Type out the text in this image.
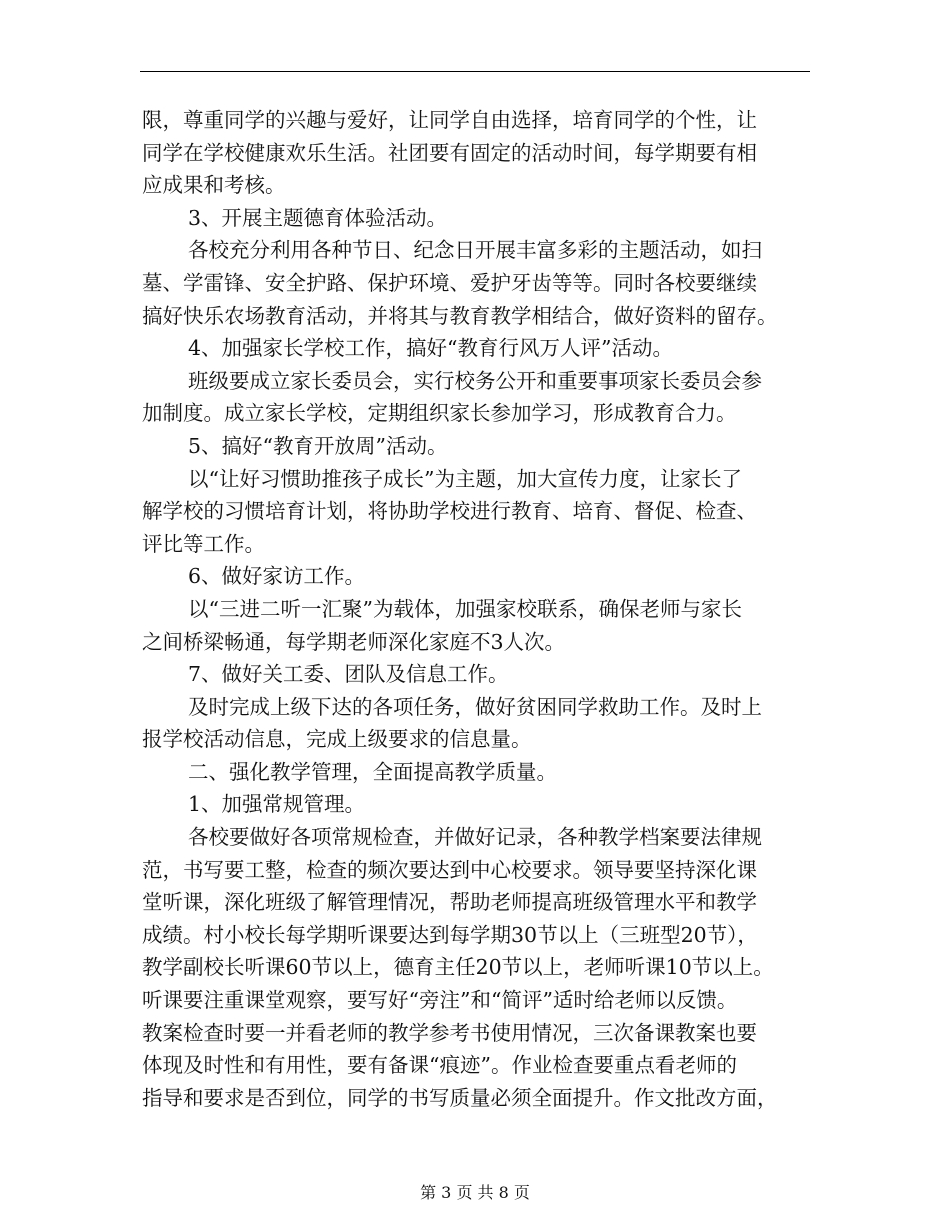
限，尊重同学的兴趣与爱好，让同学自由选择，培育同学的个性，让
同学在学校健康欢乐生活。社团要有固定的活动时间，每学期要有相
应成果和考核。
3、开展主题德育体验活动。
各校充分利用各种节日、纪念日开展丰富多彩的主题活动，如扫
墓、学雷锋、安全护路、保护环境、爱护牙齿等等。同时各校要继续
搞好快乐农场教育活动，并将其与教育教学相结合，做好资料的留存。
4、加强家长学校工作，搞好“教育行风万人评”活动。
班级要成立家长委员会，实行校务公开和重要事项家长委员会参
加制度。成立家长学校，定期组织家长参加学习，形成教育合力。
5、搞好“教育开放周”活动。
以“让好习惯助推孩子成长”为主题，加大宣传力度，让家长了
解学校的习惯培育计划，将协助学校进行教育、培育、督促、检查、
评比等工作。
6、做好家访工作。
以“三进二听一汇聚”为载体，加强家校联系，确保老师与家长
之间桥梁畅通，每学期老师深化家庭不3人次。
7、做好关工委、团队及信息工作。
及时完成上级下达的各项任务，做好贫困同学救助工作。及时上
报学校活动信息，完成上级要求的信息量。
二、强化教学管理，全面提高教学质量。
1、加强常规管理。
各校要做好各项常规检查，并做好记录，各种教学档案要法律规
范，书写要工整，检查的频次要达到中心校要求。领导要坚持深化课
堂听课，深化班级了解管理情况，帮助老师提高班级管理水平和教学
成绩。村小校长每学期听课要达到每学期30节以上（三班型20节），
教学副校长听课60节以上，德育主任20节以上，老师听课10节以上。
听课要注重课堂观察，要写好“旁注”和“简评”适时给老师以反馈。
教案检查时要一并看老师的教学参考书使用情况，三次备课教案也要
体现及时性和有用性，要有备课“痕迹”。作业检查要重点看老师的
指导和要求是否到位，同学的书写质量必须全面提升。作文批改方面，
第 3 页 共 8 页
